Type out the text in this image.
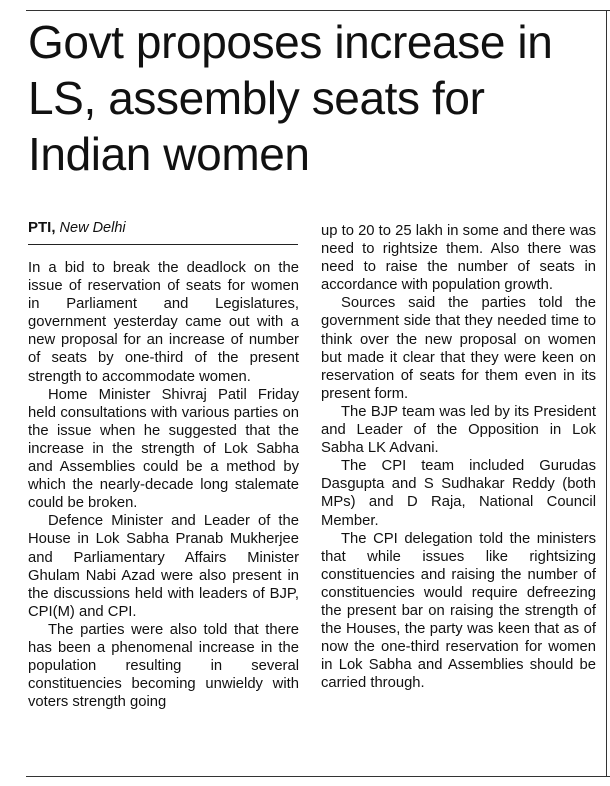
Govt proposes increase in LS, assembly seats for Indian women
PTI, New Delhi

In a bid to break the deadlock on the issue of reservation of seats for women in Parliament and Legislatures, government yesterday came out with a new proposal for an increase of number of seats by one-third of the present strength to accommodate women.

Home Minister Shivraj Patil Friday held consultations with various parties on the issue when he suggested that the increase in the strength of Lok Sabha and Assemblies could be a method by which the nearly-decade long stalemate could be broken.

Defence Minister and Leader of the House in Lok Sabha Pranab Mukherjee and Parliamentary Affairs Minister Ghulam Nabi Azad were also present in the discussions held with leaders of BJP, CPI(M) and CPI.

The parties were also told that there has been a phenomenal increase in the population resulting in several constituencies becoming unwieldy with voters strength going

up to 20 to 25 lakh in some and there was need to rightsize them. Also there was need to raise the number of seats in accordance with population growth.

Sources said the parties told the government side that they needed time to think over the new proposal on women but made it clear that they were keen on reservation of seats for them even in its present form.

The BJP team was led by its President and Leader of the Opposition in Lok Sabha LK Advani.

The CPI team included Gurudas Dasgupta and S Sudhakar Reddy (both MPs) and D Raja, National Council Member.

The CPI delegation told the ministers that while issues like rightsizing constituencies and raising the number of constituencies would require defreezing the present bar on raising the strength of the Houses, the party was keen that as of now the one-third reservation for women in Lok Sabha and Assemblies should be carried through.
